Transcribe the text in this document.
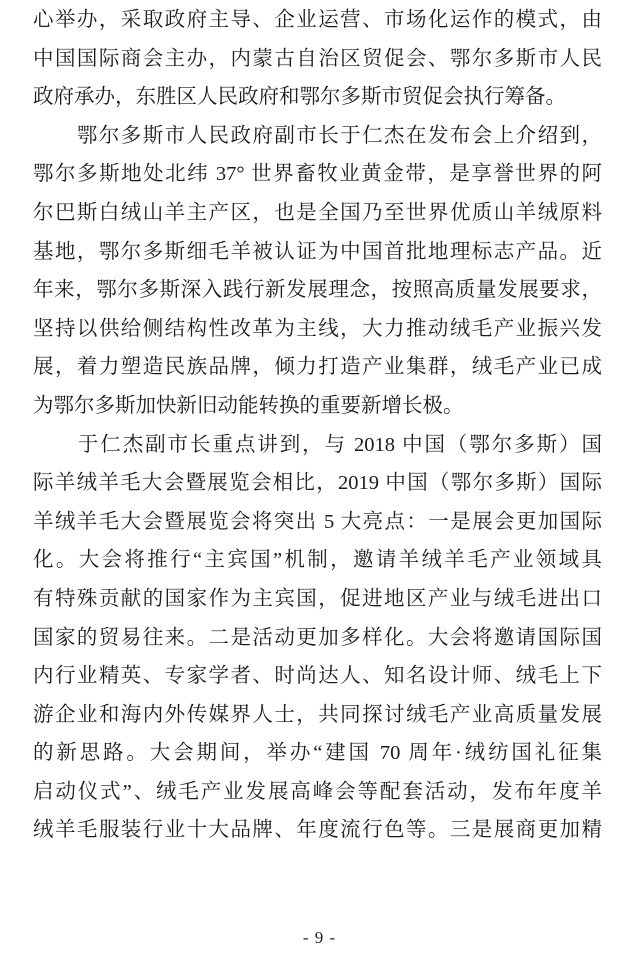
心举办，采取政府主导、企业运营、市场化运作的模式，由
中国国际商会主办，内蒙古自治区贸促会、鄂尔多斯市人民
政府承办，东胜区人民政府和鄂尔多斯市贸促会执行筹备。
　　鄂尔多斯市人民政府副市长于仁杰在发布会上介绍到，
鄂尔多斯地处北纬 37° 世界畜牧业黄金带，是享誉世界的阿
尔巴斯白绒山羊主产区，也是全国乃至世界优质山羊绒原料
基地，鄂尔多斯细毛羊被认证为中国首批地理标志产品。近
年来，鄂尔多斯深入践行新发展理念，按照高质量发展要求，
坚持以供给侧结构性改革为主线，大力推动绒毛产业振兴发
展，着力塑造民族品牌，倾力打造产业集群，绒毛产业已成
为鄂尔多斯加快新旧动能转换的重要新增长极。
　　于仁杰副市长重点讲到，与 2018 中国（鄂尔多斯）国
际羊绒羊毛大会暨展览会相比，2019 中国（鄂尔多斯）国际
羊绒羊毛大会暨展览会将突出 5 大亮点：一是展会更加国际
化。大会将推行“主宾国”机制，邀请羊绒羊毛产业领域具
有特殊贡献的国家作为主宾国，促进地区产业与绒毛进出口
国家的贸易往来。二是活动更加多样化。大会将邀请国际国
内行业精英、专家学者、时尚达人、知名设计师、绒毛上下
游企业和海内外传媒界人士，共同探讨绒毛产业高质量发展
的新思路。大会期间，举办“建国 70 周年·绒纺国礼征集
启动仪式”、绒毛产业发展高峰会等配套活动，发布年度羊
绒羊毛服装行业十大品牌、年度流行色等。三是展商更加精
- 9 -
